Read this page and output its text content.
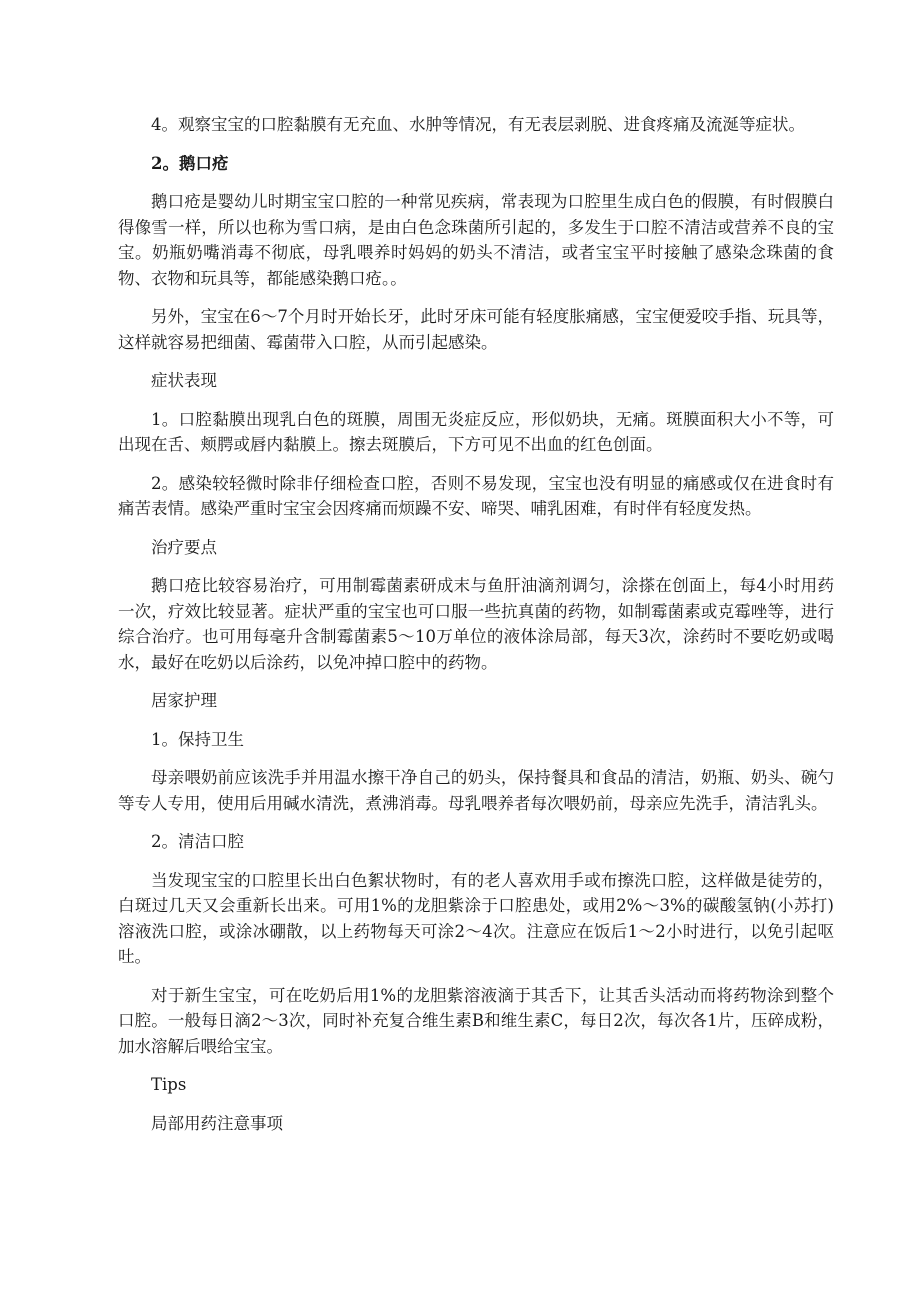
4。观察宝宝的口腔黏膜有无充血、水肿等情况，有无表层剥脱、进食疼痛及流涎等症状。

2。鹅口疮

鹅口疮是婴幼儿时期宝宝口腔的一种常见疾病，常表现为口腔里生成白色的假膜，有时假膜白得像雪一样，所以也称为雪口病，是由白色念珠菌所引起的，多发生于口腔不清洁或营养不良的宝宝。奶瓶奶嘴消毒不彻底，母乳喂养时妈妈的奶头不清洁，或者宝宝平时接触了感染念珠菌的食物、衣物和玩具等，都能感染鹅口疮。。

另外，宝宝在6～7个月时开始长牙，此时牙床可能有轻度胀痛感，宝宝便爱咬手指、玩具等，这样就容易把细菌、霉菌带入口腔，从而引起感染。

症状表现

1。口腔黏膜出现乳白色的斑膜，周围无炎症反应，形似奶块，无痛。斑膜面积大小不等，可出现在舌、颊腭或唇内黏膜上。擦去斑膜后，下方可见不出血的红色创面。

2。感染较轻微时除非仔细检查口腔，否则不易发现，宝宝也没有明显的痛感或仅在进食时有痛苦表情。感染严重时宝宝会因疼痛而烦躁不安、啼哭、哺乳困难，有时伴有轻度发热。

治疗要点

鹅口疮比较容易治疗，可用制霉菌素研成末与鱼肝油滴剂调匀，涂搽在创面上，每4小时用药一次，疗效比较显著。症状严重的宝宝也可口服一些抗真菌的药物，如制霉菌素或克霉唑等，进行综合治疗。也可用每毫升含制霉菌素5～10万单位的液体涂局部，每天3次，涂药时不要吃奶或喝水，最好在吃奶以后涂药，以免冲掉口腔中的药物。

居家护理

1。保持卫生

母亲喂奶前应该洗手并用温水擦干净自己的奶头，保持餐具和食品的清洁，奶瓶、奶头、碗勺等专人专用，使用后用碱水清洗，煮沸消毒。母乳喂养者每次喂奶前，母亲应先洗手，清洁乳头。

2。清洁口腔

当发现宝宝的口腔里长出白色絮状物时，有的老人喜欢用手或布擦洗口腔，这样做是徒劳的，白斑过几天又会重新长出来。可用1%的龙胆紫涂于口腔患处，或用2%～3%的碳酸氢钠(小苏打)溶液洗口腔，或涂冰硼散，以上药物每天可涂2～4次。注意应在饭后1～2小时进行，以免引起呕吐。

对于新生宝宝，可在吃奶后用1%的龙胆紫溶液滴于其舌下，让其舌头活动而将药物涂到整个口腔。一般每日滴2～3次，同时补充复合维生素B和维生素C，每日2次，每次各1片，压碎成粉，加水溶解后喂给宝宝。

Tips

局部用药注意事项
